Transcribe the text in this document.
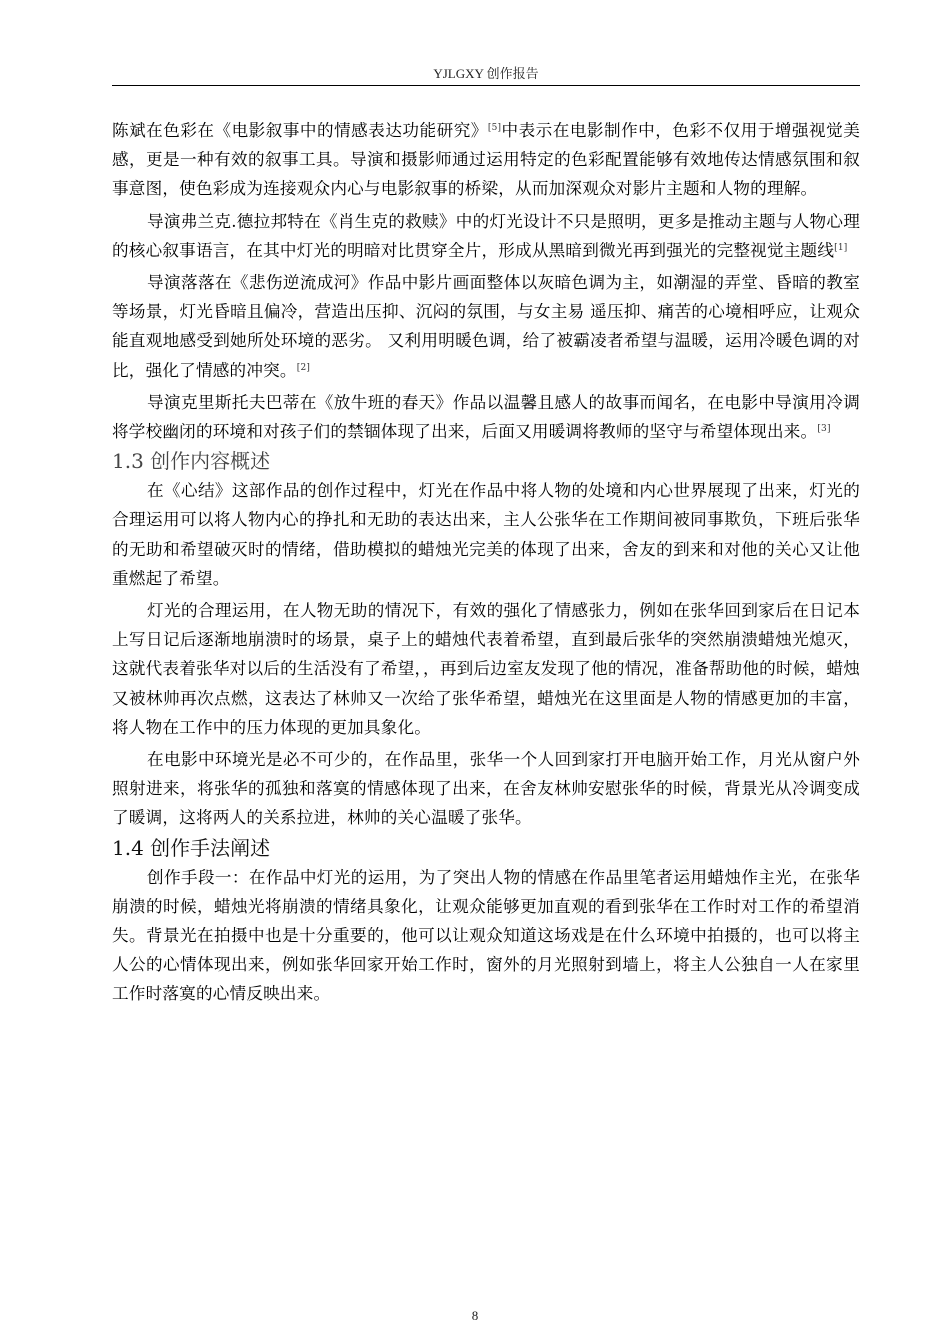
YJLGXY 创作报告

陈斌在色彩在《电影叙事中的情感表达功能研究》[5]中表示在电影制作中，色彩不仅用于增强视觉美感，更是一种有效的叙事工具。导演和摄影师通过运用特定的色彩配置能够有效地传达情感氛围和叙事意图，使色彩成为连接观众内心与电影叙事的桥梁，从而加深观众对影片主题和人物的理解。

导演弗兰克.德拉邦特在《肖生克的救赎》中的灯光设计不只是照明，更多是推动主题与人物心理的核心叙事语言，在其中灯光的明暗对比贯穿全片，形成从黑暗到微光再到强光的完整视觉主题线[1]

导演落落在《悲伤逆流成河》作品中影片画面整体以灰暗色调为主，如潮湿的弄堂、昏暗的教室等场景，灯光昏暗且偏冷，营造出压抑、沉闷的氛围，与女主易 遥压抑、痛苦的心境相呼应，让观众能直观地感受到她所处环境的恶劣。 又利用明暖色调，给了被霸凌者希望与温暖，运用冷暖色调的对比，强化了情感的冲突。[2]

导演克里斯托夫巴蒂在《放牛班的春天》作品以温馨且感人的故事而闻名，在电影中导演用冷调将学校幽闭的环境和对孩子们的禁锢体现了出来，后面又用暖调将教师的坚守与希望体现出来。[3]

1.3 创作内容概述

在《心结》这部作品的创作过程中，灯光在作品中将人物的处境和内心世界展现了出来，灯光的合理运用可以将人物内心的挣扎和无助的表达出来，主人公张华在工作期间被同事欺负，下班后张华的无助和希望破灭时的情绪，借助模拟的蜡烛光完美的体现了出来，舍友的到来和对他的关心又让他重燃起了希望。

灯光的合理运用，在人物无助的情况下，有效的强化了情感张力，例如在张华回到家后在日记本上写日记后逐渐地崩溃时的场景，桌子上的蜡烛代表着希望，直到最后张华的突然崩溃蜡烛光熄灭，这就代表着张华对以后的生活没有了希望，，再到后边室友发现了他的情况，准备帮助他的时候，蜡烛又被林帅再次点燃，这表达了林帅又一次给了张华希望，蜡烛光在这里面是人物的情感更加的丰富，将人物在工作中的压力体现的更加具象化。

在电影中环境光是必不可少的，在作品里，张华一个人回到家打开电脑开始工作，月光从窗户外照射进来，将张华的孤独和落寞的情感体现了出来，在舍友林帅安慰张华的时候，背景光从冷调变成了暖调，这将两人的关系拉进，林帅的关心温暖了张华。

1.4 创作手法阐述

创作手段一：在作品中灯光的运用，为了突出人物的情感在作品里笔者运用蜡烛作主光，在张华崩溃的时候，蜡烛光将崩溃的情绪具象化，让观众能够更加直观的看到张华在工作时对工作的希望消失。背景光在拍摄中也是十分重要的，他可以让观众知道这场戏是在什么环境中拍摄的，也可以将主人公的心情体现出来，例如张华回家开始工作时，窗外的月光照射到墙上，将主人公独自一人在家里工作时落寞的心情反映出来。

8
